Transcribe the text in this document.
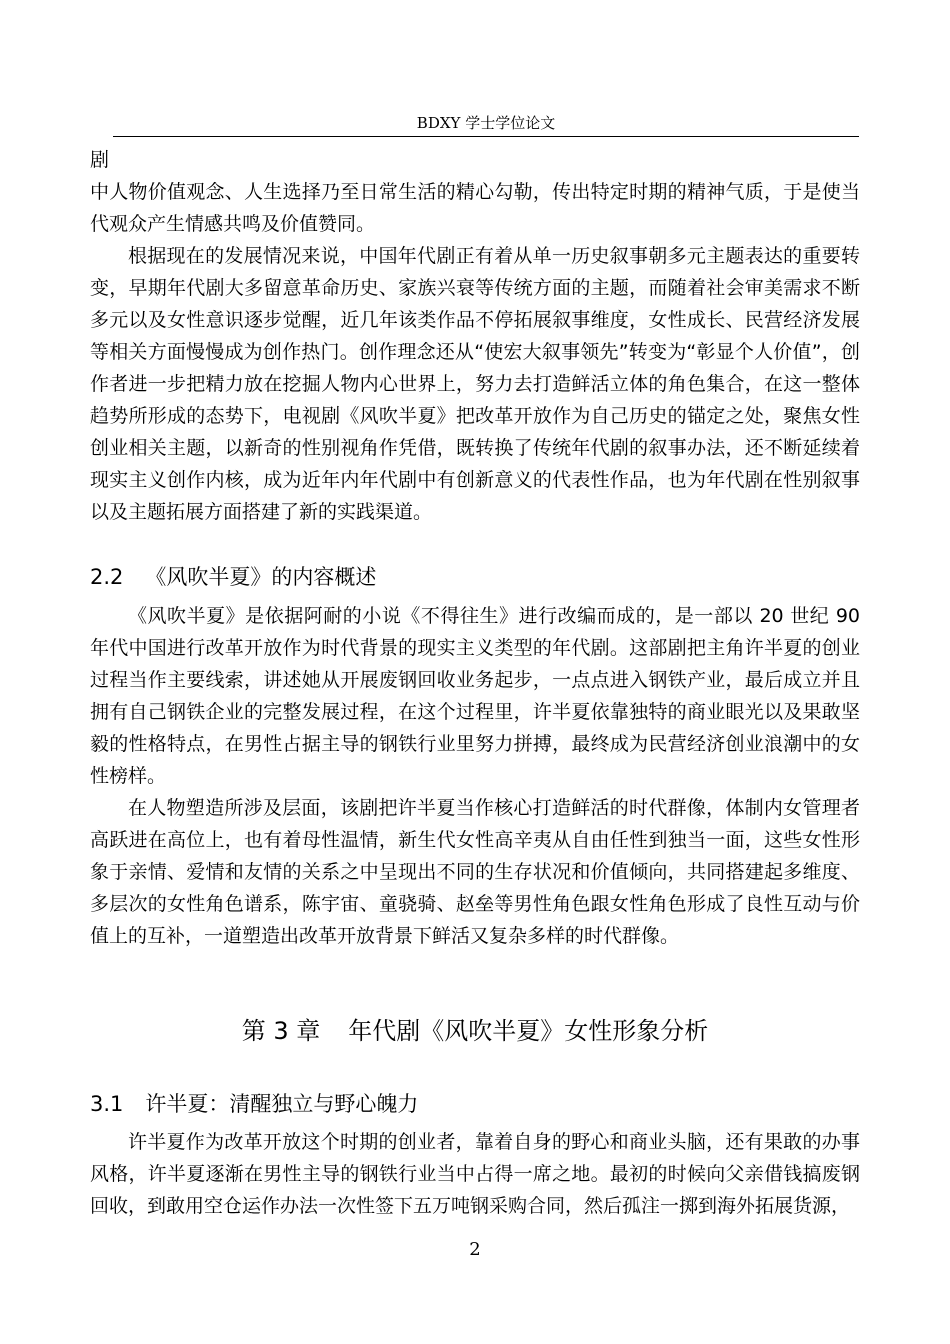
BDXY 学士学位论文
剧
中人物价值观念、人生选择乃至日常生活的精心勾勒，传出特定时期的精神气质，于是使当代观众产生情感共鸣及价值赞同。
根据现在的发展情况来说，中国年代剧正有着从单一历史叙事朝多元主题表达的重要转变，早期年代剧大多留意革命历史、家族兴衰等传统方面的主题，而随着社会审美需求不断多元以及女性意识逐步觉醒，近几年该类作品不停拓展叙事维度，女性成长、民营经济发展等相关方面慢慢成为创作热门。创作理念还从“使宏大叙事领先”转变为“彰显个人价值”，创作者进一步把精力放在挖掘人物内心世界上，努力去打造鲜活立体的角色集合，在这一整体趋势所形成的态势下，电视剧《风吹半夏》把改革开放作为自己历史的锚定之处，聚焦女性创业相关主题，以新奇的性别视角作凭借，既转换了传统年代剧的叙事办法，还不断延续着现实主义创作内核，成为近年内年代剧中有创新意义的代表性作品，也为年代剧在性别叙事以及主题拓展方面搭建了新的实践渠道。
2.2 《风吹半夏》的内容概述
《风吹半夏》是依据阿耐的小说《不得往生》进行改编而成的，是一部以 20 世纪 90 年代中国进行改革开放作为时代背景的现实主义类型的年代剧。这部剧把主角许半夏的创业过程当作主要线索，讲述她从开展废钢回收业务起步，一点点进入钢铁产业，最后成立并且拥有自己钢铁企业的完整发展过程，在这个过程里，许半夏依靠独特的商业眼光以及果敢坚毅的性格特点，在男性占据主导的钢铁行业里努力拼搏，最终成为民营经济创业浪潮中的女性榜样。
在人物塑造所涉及层面，该剧把许半夏当作核心打造鲜活的时代群像，体制内女管理者高跃进在高位上，也有着母性温情，新生代女性高辛夷从自由任性到独当一面，这些女性形象于亲情、爱情和友情的关系之中呈现出不同的生存状况和价值倾向，共同搭建起多维度、多层次的女性角色谱系，陈宇宙、童骁骑、赵垒等男性角色跟女性角色形成了良性互动与价值上的互补，一道塑造出改革开放背景下鲜活又复杂多样的时代群像。
第 3 章 年代剧《风吹半夏》女性形象分析
3.1 许半夏：清醒独立与野心魄力
许半夏作为改革开放这个时期的创业者，靠着自身的野心和商业头脑，还有果敢的办事风格，许半夏逐渐在男性主导的钢铁行业当中占得一席之地。最初的时候向父亲借钱搞废钢回收，到敢用空仓运作办法一次性签下五万吨钢采购合同，然后孤注一掷到海外拓展货源，
2
